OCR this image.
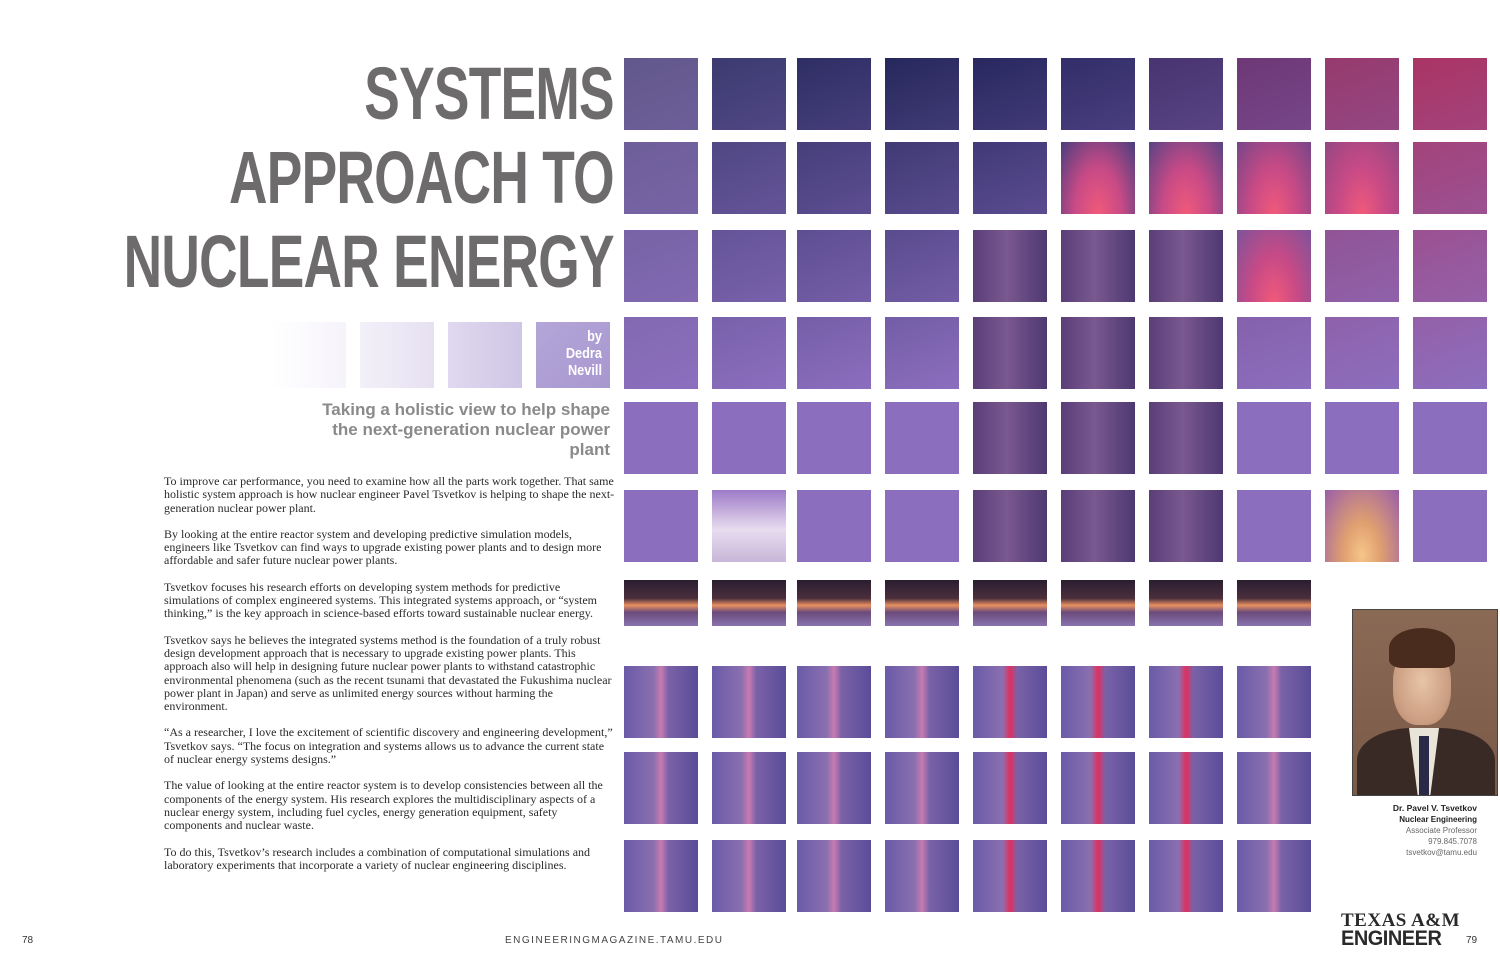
SYSTEMS
APPROACH TO
NUCLEAR ENERGY
by
Dedra
Nevill
Taking a holistic view to help shape the next-generation nuclear power plant

To improve car performance, you need to examine how all the parts work together. That same holistic system approach is how nuclear engineer Pavel Tsvetkov is helping to shape the next-generation nuclear power plant.

By looking at the entire reactor system and developing predictive simulation models, engineers like Tsvetkov can find ways to upgrade existing power plants and to design more affordable and safer future nuclear power plants.

Tsvetkov focuses his research efforts on developing system methods for predictive simulations of complex engineered systems. This integrated systems approach, or “system thinking,” is the key approach in science-based efforts toward sustainable nuclear energy.

Tsvetkov says he believes the integrated systems method is the foundation of a truly robust design development approach that is necessary to upgrade existing power plants. This approach also will help in designing future nuclear power plants to withstand catastrophic environmental phenomena (such as the recent tsunami that devastated the Fukushima nuclear power plant in Japan) and serve as unlimited energy sources without harming the environment.

“As a researcher, I love the excitement of scientific discovery and engineering development,” Tsvetkov says. “The focus on integration and systems allows us to advance the current state of nuclear energy systems designs.”

The value of looking at the entire reactor system is to develop consistencies between all the components of the energy system. His research explores the multidisciplinary aspects of a nuclear energy system, including fuel cycles, energy generation equipment, safety components and nuclear waste.

To do this, Tsvetkov’s research includes a combination of computational simulations and laboratory experiments that incorporate a variety of nuclear engineering disciplines.

Dr. Pavel V. Tsvetkov
Nuclear Engineering
Associate Professor
979.845.7078
tsvetkov@tamu.edu
78	ENGINEERINGMAGAZINE.TAMU.EDU	79
TEXAS A&M
ENGINEER
